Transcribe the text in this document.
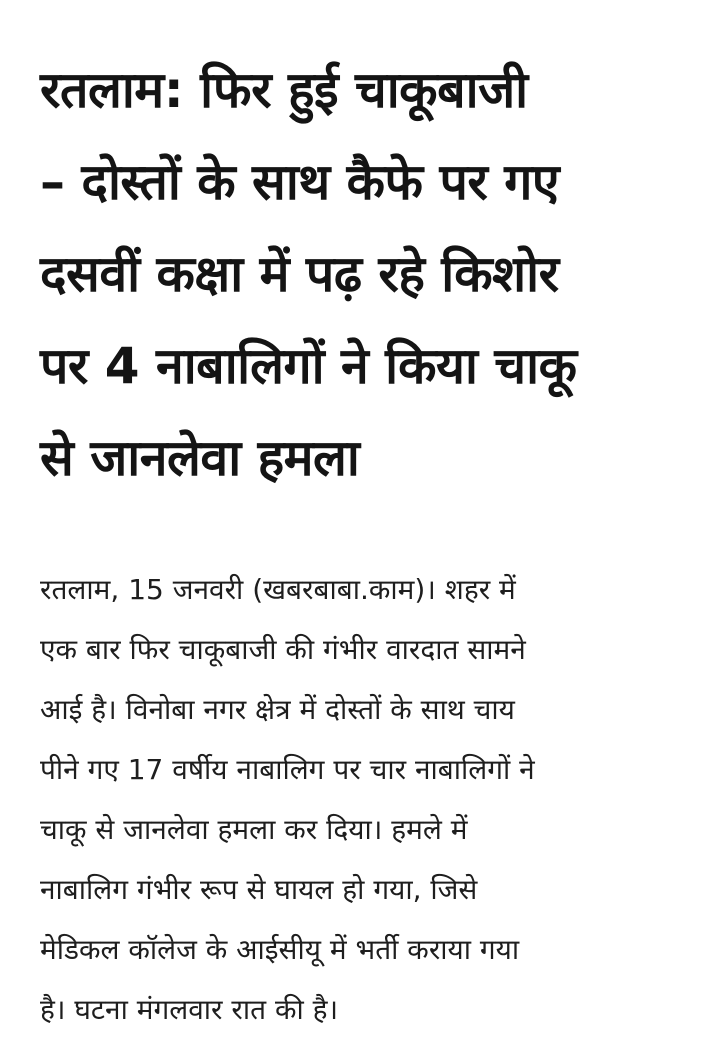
रतलाम: फिर हुई चाकूबाजी
– दोस्तों के साथ कैफे पर गए
दसवीं कक्षा में पढ़ रहे किशोर
पर 4 नाबालिगों ने किया चाकू
से जानलेवा हमला

रतलाम, 15 जनवरी (खबरबाबा.काम)। शहर में
एक बार फिर चाकूबाजी की गंभीर वारदात सामने
आई है। विनोबा नगर क्षेत्र में दोस्तों के साथ चाय
पीने गए 17 वर्षीय नाबालिग पर चार नाबालिगों ने
चाकू से जानलेवा हमला कर दिया। हमले में
नाबालिग गंभीर रूप से घायल हो गया, जिसे
मेडिकल कॉलेज के आईसीयू में भर्ती कराया गया
है। घटना मंगलवार रात की है।
